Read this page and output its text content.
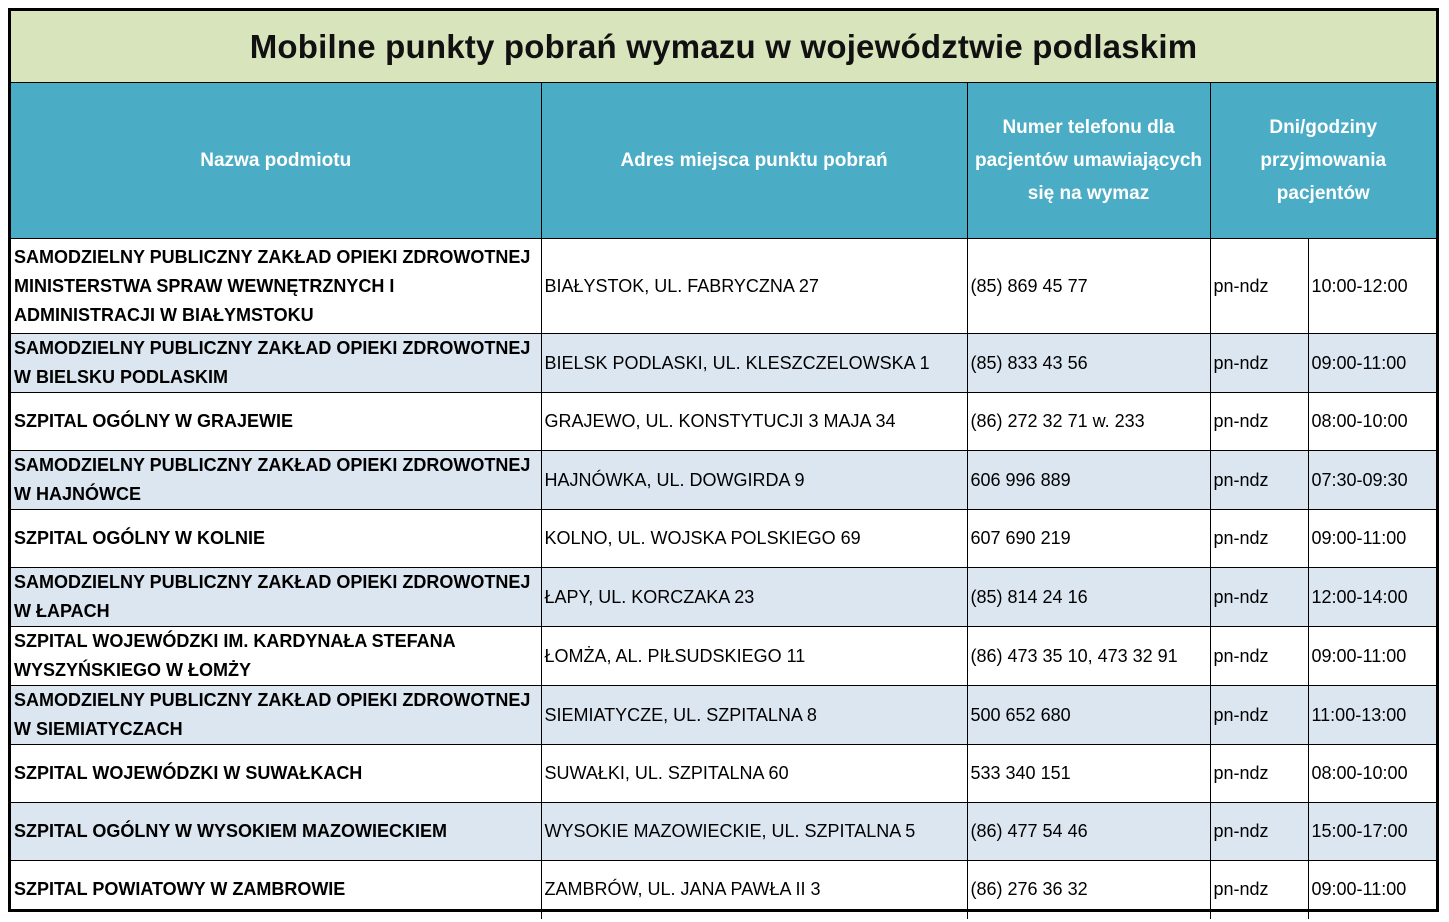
Mobilne punkty pobrań wymazu w województwie podlaskim
Nazwa podmiotu	Adres miejsca punktu pobrań	Numer telefonu dla pacjentów umawiających się na wymaz	Dni/godziny przyjmowania pacjentów	
SAMODZIELNY PUBLICZNY ZAKŁAD OPIEKI ZDROWOTNEJ MINISTERSTWA SPRAW WEWNĘTRZNYCH I ADMINISTRACJI W BIAŁYMSTOKU	BIAŁYSTOK, UL. FABRYCZNA 27	(85) 869 45 77	pn-ndz	10:00-12:00
SAMODZIELNY PUBLICZNY ZAKŁAD OPIEKI ZDROWOTNEJ W BIELSKU PODLASKIM	BIELSK PODLASKI, UL. KLESZCZELOWSKA 1	(85) 833 43 56	pn-ndz	09:00-11:00
SZPITAL OGÓLNY W GRAJEWIE	GRAJEWO, UL. KONSTYTUCJI 3 MAJA 34	(86) 272 32 71 w. 233	pn-ndz	08:00-10:00
SAMODZIELNY PUBLICZNY ZAKŁAD OPIEKI ZDROWOTNEJ W HAJNÓWCE	HAJNÓWKA, UL. DOWGIRDA 9	606 996 889	pn-ndz	07:30-09:30
SZPITAL OGÓLNY W KOLNIE	KOLNO, UL. WOJSKA POLSKIEGO 69	607 690 219	pn-ndz	09:00-11:00
SAMODZIELNY PUBLICZNY ZAKŁAD OPIEKI ZDROWOTNEJ W ŁAPACH	ŁAPY, UL. KORCZAKA 23	(85) 814 24 16	pn-ndz	12:00-14:00
SZPITAL WOJEWÓDZKI IM. KARDYNAŁA STEFANA WYSZYŃSKIEGO W ŁOMŻY	ŁOMŻA, AL. PIŁSUDSKIEGO 11	(86) 473 35 10, 473 32 91	pn-ndz	09:00-11:00
SAMODZIELNY PUBLICZNY ZAKŁAD OPIEKI ZDROWOTNEJ W SIEMIATYCZACH	SIEMIATYCZE, UL. SZPITALNA 8	500 652 680	pn-ndz	11:00-13:00
SZPITAL WOJEWÓDZKI W SUWAŁKACH	SUWAŁKI, UL. SZPITALNA 60	533 340 151	pn-ndz	08:00-10:00
SZPITAL OGÓLNY W WYSOKIEM MAZOWIECKIEM	WYSOKIE MAZOWIECKIE, UL. SZPITALNA 5	(86) 477 54 46	pn-ndz	15:00-17:00
SZPITAL POWIATOWY W ZAMBROWIE	ZAMBRÓW, UL. JANA PAWŁA II 3	(86) 276 36 32	pn-ndz	09:00-11:00
